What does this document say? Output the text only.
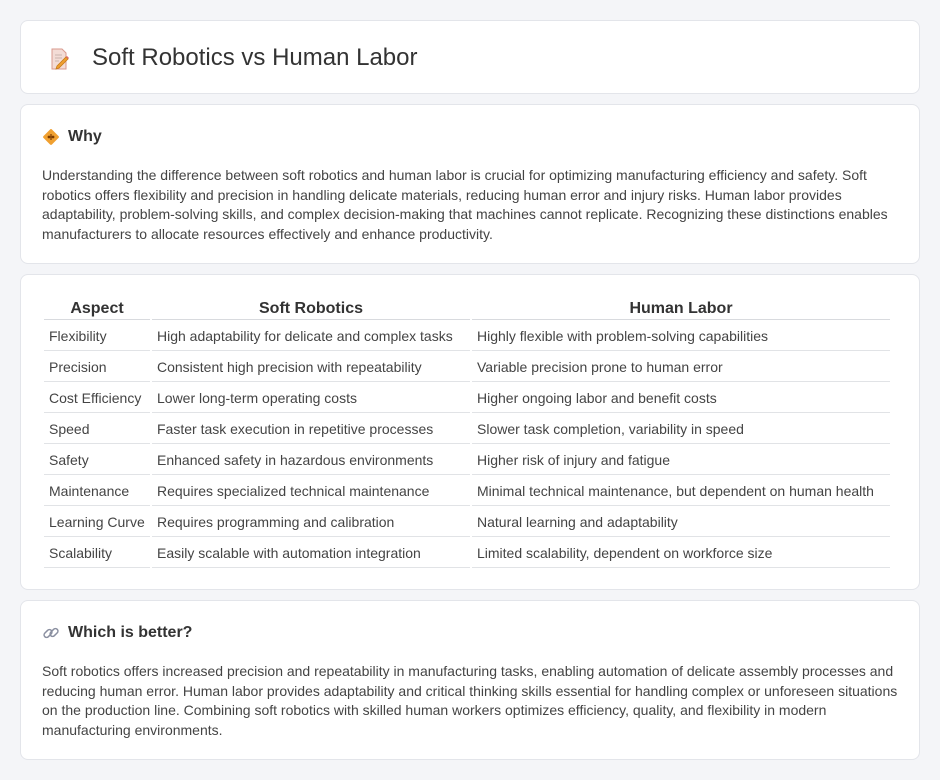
Soft Robotics vs Human Labor
Why

Understanding the difference between soft robotics and human labor is crucial for optimizing manufacturing efficiency and safety. Soft robotics offers flexibility and precision in handling delicate materials, reducing human error and injury risks. Human labor provides adaptability, problem-solving skills, and complex decision-making that machines cannot replicate. Recognizing these distinctions enables manufacturers to allocate resources effectively and enhance productivity.

Aspect	Soft Robotics	Human Labor
Flexibility	High adaptability for delicate and complex tasks	Highly flexible with problem-solving capabilities
Precision	Consistent high precision with repeatability	Variable precision prone to human error
Cost Efficiency	Lower long-term operating costs	Higher ongoing labor and benefit costs
Speed	Faster task execution in repetitive processes	Slower task completion, variability in speed
Safety	Enhanced safety in hazardous environments	Higher risk of injury and fatigue
Maintenance	Requires specialized technical maintenance	Minimal technical maintenance, but dependent on human health
Learning Curve	Requires programming and calibration	Natural learning and adaptability
Scalability	Easily scalable with automation integration	Limited scalability, dependent on workforce size
Which is better?

Soft robotics offers increased precision and repeatability in manufacturing tasks, enabling automation of delicate assembly processes and reducing human error. Human labor provides adaptability and critical thinking skills essential for handling complex or unforeseen situations on the production line. Combining soft robotics with skilled human workers optimizes efficiency, quality, and flexibility in modern manufacturing environments.
